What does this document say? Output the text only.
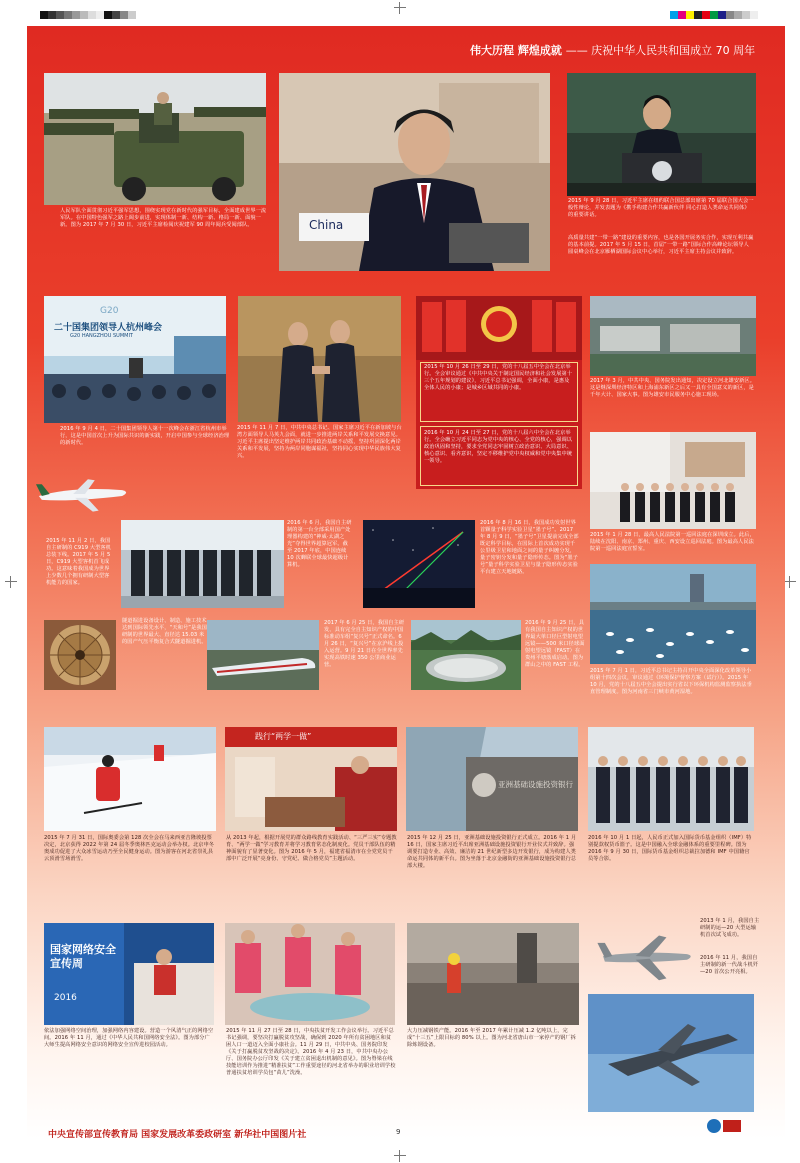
伟大历程 辉煌成就 —— 庆祝中华人民共和国成立 70 周年

人民军队全面贯彻习近平强军思想，围绕实现党在新时代的强军目标，全面建成世界一流军队。在中国特色强军之路上阔步前进，实现体制一新、结构一新、格局一新、面貌一新。图为 2017 年 7 月 30 日，习近平主席检阅庆祝建军 90 周年阅兵受阅部队。	China

2015 年 9 月 28 日，习近平主席在纽约联合国总部出席第 70 届联合国大会一般性辩论，并发表题为《携手构建合作共赢新伙伴 同心打造人类命运共同体》的重要讲话。

高质量共建“一带一路”建设的重要内容，也是各国开展务实合作，实现互利共赢的基本前提。2017 年 5 月 15 日，首届“一带一路”国际合作高峰论坛领导人圆桌峰会在北京雁栖湖国际会议中心举行，习近平主席主持会议并致辞。

G20
二十国集团领导人杭州峰会
G20 HANGZHOU SUMMIT

2016 年 9 月 4 日，二十国集团领导人第十一次峰会在浙江省杭州市举行，这是中国首次上升为国际共识的新实践，开启中国参与全球经济治理的新时代。

2015 年 11 月 7 日，中共中央总书记、国家主席习近平在新加坡与台湾方面领导人马英九会面，就进一步推进两岸关系和平发展交换意见。习近平主席提出坚定维护两岸共同政治基础不动摇，坚持巩固深化两岸关系和平发展，坚持为两岸同胞谋福祉，坚持同心实现中华民族伟大复兴。

2015 年 10 月 26 日至 29 日，党的十八届五中全会在北京举行。全会审议通过《中共中央关于制定国民经济和社会发展第十三个五年规划的建议》，习近平总书记强调，全面小康，是惠及全体人民的小康；是城乡区域共同的小康。

2016 年 10 月 24 日至 27 日，党的十八届六中全会在北京举行。全会确立习近平同志为党中央的核心、全党的核心，强调以政治巩固和坚持，要求全党同志牢固树立政治意识、大局意识、核心意识、看齐意识，坚定不移维护党中央权威和党中央集中统一领导。

2017 年 3 月，中共中央、国务院发出通知，决定设立河北雄安新区。这是继深圳经济特区和上海浦东新区之后又一具有全国意义的新区，是千年大计、国家大事。图为雄安市民服务中心施工现场。

2015 年 1 月 28 日，最高人民法院第一巡回法庭在深圳成立。此后，陆续在沈阳、南京、郑州、重庆、西安设立巡回法庭。图为最高人民法院第一巡回法庭宣誓室。

2015 年 11 月 2 日，我国自主研制的 C919 大型客机总装下线。2017 年 5 月 5 日，C919 大型客机首飞成功。这意味着我国成为世界上少数几个拥有研制大型客机能力的国家。

2016 年 6 月，我国自主研制的第一台全部采用国产处理器构建的“神威·太湖之光”夺得世界超算冠军。截至 2017 年底，中国连续 10 次蝉联全球最快超级计算机。

2016 年 8 月 16 日，我国成功发射世界首颗量子科学实验卫星“墨子号”。2017 年 8 月 9 日，“墨子号”卫星提前完成全部既定科学目标，在国际上首次成功实现千公里级卫星和地面之间的量子纠缠分发，量子密钥分发和量子隐形传态。图为“墨子号”量子科学实验卫星与量子隐形传态实验平台建立天地链路。

2015 年 7 月 1 日，习近平总书记主持召开中央全面深化改革领导小组第十四次会议，审议通过《环境保护督察方案（试行）》。2015 年 10 月，党的十八届五中全会提出实行省以下环保机构监测监察执法垂直管理制度。图为河南省三门峡市黄河湿地。

隧道掘进设备设计、制造、施工技术达到国际领先水平，“天和号”是我国研制的世界最大、直径达 15.03 米的国产气压平衡复合式隧道掘进机。

2017 年 6 月 25 日，我国自主研发、具有完全自主知识产权的中国标准动车组“复兴号”正式命名。6 月 26 日，“复兴号”在京沪线上投入运营。9 月 21 日在全世界率先实现高铁时速 350 公里商业运营。

2016 年 9 月 25 日，具有我国自主知识产权的世界最大单口径巨型射电望远镜——500 米口径球面射电望远镜（FAST）在贵州平塘落成启动。图为群山之中的 FAST 工程。

2015 年 7 月 31 日，国际奥委会第 128 次全会在马来西亚吉隆坡投票决定，北京获得 2022 年第 24 届冬季奥林匹克运动会举办权。北京申冬奥成功促进了大众冰雪运动乃至全民健身运动。图为游客在河北省崇礼县云顶滑雪场滑雪。

践行“两学一做”

从 2013 年起，根据开展党的群众路线教育实践活动、“三严三实”专题教育、“两学一做”学习教育并将学习教育常态化制度化。党员干部队伍的精神面貌有了显著变化。图为 2016 年 5 月，福建省福清市在全党党员干部中广泛开展“亮身份、守党纪、做合格党员”主题活动。

亚洲基础设施投资银行

2015 年 12 月 25 日，亚洲基础设施投资银行正式成立。2016 年 1 月 16 日，国家主席习近平出席亚洲基础设施投资银行开业仪式并致辞。强调要打造专业、高效、廉洁的 21 世纪新型多边开发银行，成为构建人类命运共同体的新平台。图为坐落于北京金融街的亚洲基础设施投资银行总部大楼。

2016 年 10 月 1 日起，人民币正式加入国际货币基金组织（IMF）特别提款权货币篮子。这是中国融入全球金融体系的重要里程碑。图为 2016 年 9 月 30 日，国际货币基金组织总裁拉加德和 IMF 中国籍官员等合影。

国家网络安全宣传周
2016

依法加强网络空间治理，加强网络内容建设。营造一个风清气正的网络空间。2016 年 11 月，通过《中华人民共和国网络安全法》。图为部分广大师生提高网络安全意识的网络安全宣传进校园活动。

2015 年 11 月 27 日至 28 日，中央扶贫开发工作会议举行。习近平总书记强调，要坚决打赢脱贫攻坚战，确保到 2020 年所有贫困地区和贫困人口一道迈入全面小康社会。11 月 29 日，中共中央、国务院印发《关于打赢脱贫攻坚战的决定》。2016 年 4 月 23 日，中共中央办公厅、国务院办公厅印发《关于建立贫困退出机制的意见》。图为脊梁在线技能培训作为推进“精准扶贫”工作重要途径的河北省举办的职业培训学校普通扶贫培训学员包“苗儿”洗澡。

大力压减钢铁产能。2016 年至 2017 年累计压减 1.2 亿吨以上，完成“十三五”上限目标的 80% 以上。图为河北省唐山市一家停产的钢厂拆除炼钢设备。

2013 年 1 月，我国自主研制的运—20 大型运输机首次试飞成功。

2016 年 11 月，我国自主研制的新一代战斗机歼—20 首次公开亮相。

中央宣传部宣传教育局 国家发展改革委政研室 新华社中国图片社	9
